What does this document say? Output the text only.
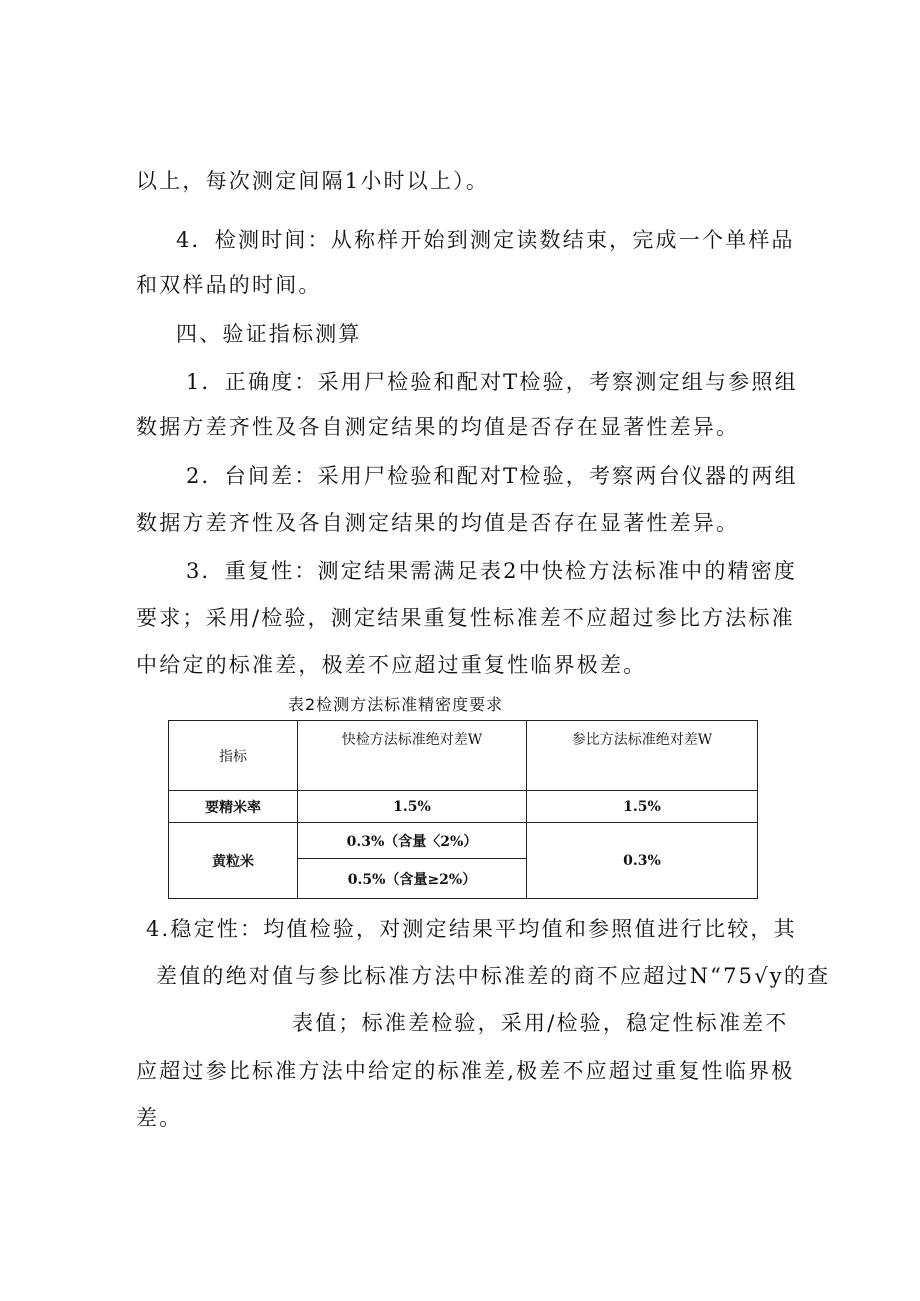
以上，每次测定间隔1小时以上）。
4．检测时间：从称样开始到测定读数结束，完成一个单样品
和双样品的时间。
四、验证指标测算
1．正确度：采用尸检验和配对T检验，考察测定组与参照组
数据方差齐性及各自测定结果的均值是否存在显著性差异。
2．台间差：采用尸检验和配对T检验，考察两台仪器的两组
数据方差齐性及各自测定结果的均值是否存在显著性差异。
3．重复性：测定结果需满足表2中快检方法标准中的精密度
要求；采用/检验，测定结果重复性标准差不应超过参比方法标准
中给定的标准差，极差不应超过重复性临界极差。
表2检测方法标准精密度要求
指标	快检方法标准绝对差W	参比方法标准绝对差W
要精米率	1.5%	1.5%
黄粒米	0.3%（含量〈2%）	0.3%
	0.5%（含量≥2%）	
4.稳定性：均值检验，对测定结果平均值和参照值进行比较，其
差值的绝对值与参比标准方法中标准差的商不应超过N“75√y的查
表值；标准差检验，采用/检验，稳定性标准差不
应超过参比标准方法中给定的标准差,极差不应超过重复性临界极
差。
